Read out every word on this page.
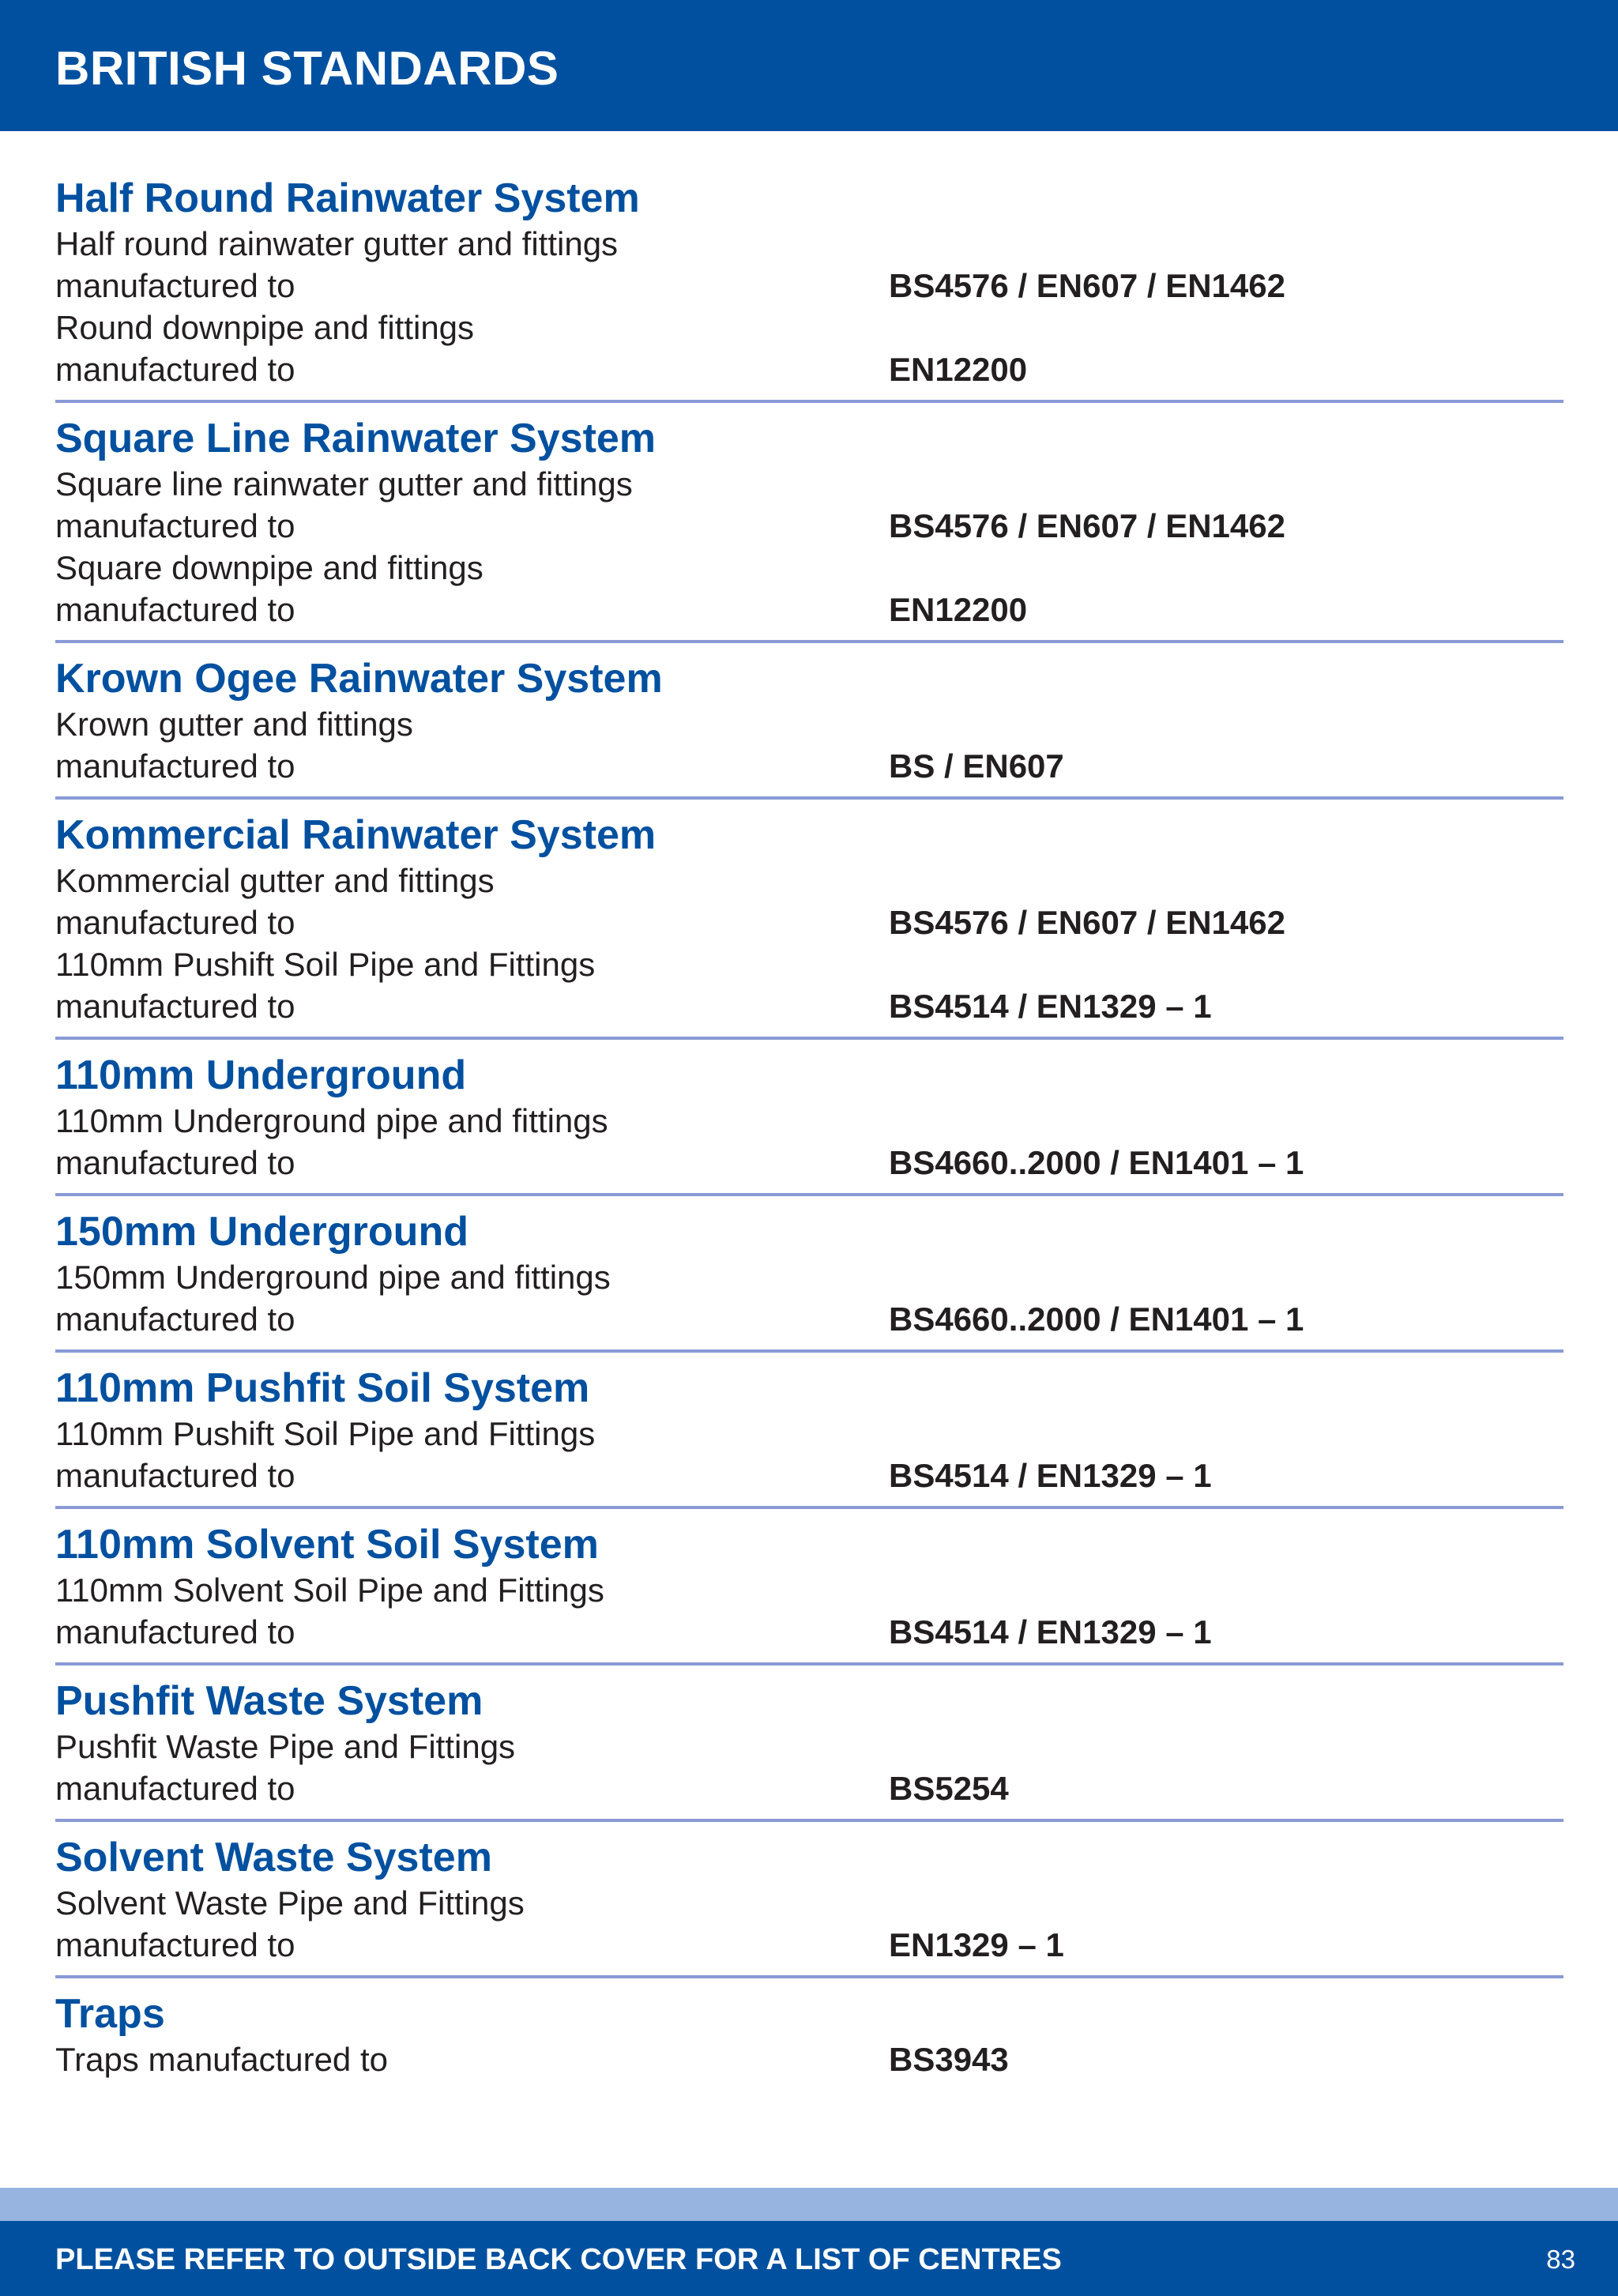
BRITISH STANDARDS
Half Round Rainwater System
Half round rainwater gutter and fittings
manufactured to	BS4576 / EN607 / EN1462
Round downpipe and fittings
manufactured to	EN12200
Square Line Rainwater System
Square line rainwater gutter and fittings
manufactured to	BS4576 / EN607 / EN1462
Square downpipe and fittings
manufactured to	EN12200
Krown Ogee Rainwater System
Krown gutter and fittings
manufactured to	BS / EN607
Kommercial Rainwater System
Kommercial gutter and fittings
manufactured to	BS4576 / EN607 / EN1462
110mm Pushift Soil Pipe and Fittings
manufactured to	BS4514 / EN1329 – 1
110mm Underground
110mm Underground pipe and fittings
manufactured to	BS4660..2000 / EN1401 – 1
150mm Underground
150mm Underground pipe and fittings
manufactured to	BS4660..2000 / EN1401 – 1
110mm Pushfit Soil System
110mm Pushift Soil Pipe and Fittings
manufactured to	BS4514 / EN1329 – 1
110mm Solvent Soil System
110mm Solvent Soil Pipe and Fittings
manufactured to	BS4514 / EN1329 – 1
Pushfit Waste System
Pushfit Waste Pipe and Fittings
manufactured to	BS5254
Solvent Waste System
Solvent Waste Pipe and Fittings
manufactured to	EN1329 – 1
Traps
Traps manufactured to	BS3943
PLEASE REFER TO OUTSIDE BACK COVER FOR A LIST OF CENTRES	83
